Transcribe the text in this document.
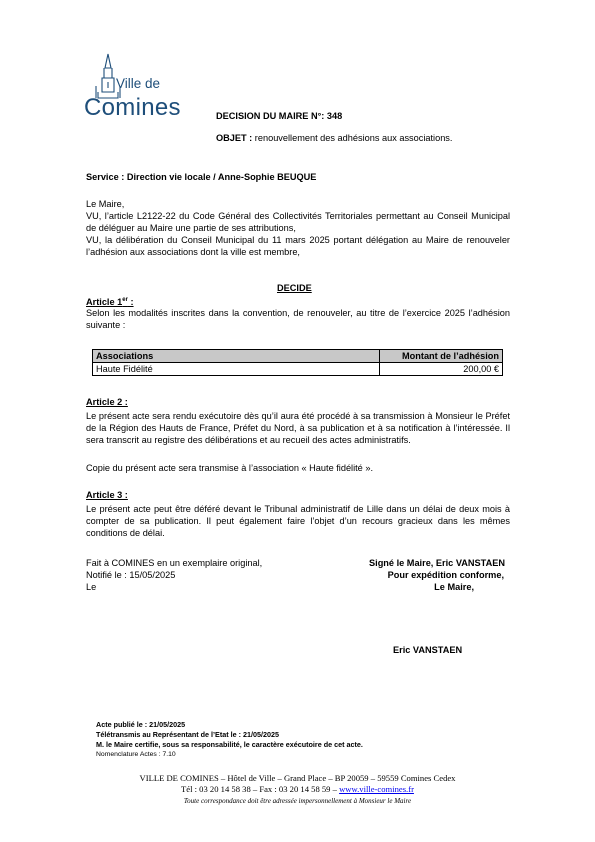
Ville de
Comines	DECISION DU MAIRE N°: 348
OBJET : renouvellement des adhésions aux associations.
Service : Direction vie locale / Anne-Sophie BEUQUE
Le Maire,
VU, l’article L2122-22 du Code Général des Collectivités Territoriales permettant au Conseil Municipal de déléguer au Maire une partie de ses attributions,
VU, la délibération du Conseil Municipal du 11 mars 2025 portant délégation au Maire de renouveler l’adhésion aux associations dont la ville est membre,
DECIDE
Article 1er :
Selon les modalités inscrites dans la convention, de renouveler, au titre de l’exercice 2025 l’adhésion suivante :
Associations	Montant de l’adhésion
Haute Fidélité	200,00 €
Article 2 :
Le présent acte sera rendu exécutoire dès qu’il aura été procédé à sa transmission à Monsieur le Préfet de la Région des Hauts de France, Préfet du Nord, à sa publication et à sa notification à l’intéressée. Il sera transcrit au registre des délibérations et au recueil des actes administratifs.
Copie du présent acte sera transmise à l’association « Haute fidélité ».
Article 3 :
Le présent acte peut être déféré devant le Tribunal administratif de Lille dans un délai de deux mois à compter de sa publication. Il peut également faire l’objet d’un recours gracieux dans les mêmes conditions de délai.
Fait à COMINES en un exemplaire original,
Notifié le : 15/05/2025
Le
Signé le Maire, Eric VANSTAEN
Pour expédition conforme,
Le Maire,
Eric VANSTAEN
Acte publié le : 21/05/2025
Télétransmis au Représentant de l’Etat le : 21/05/2025
M. le Maire certifie, sous sa responsabilité, le caractère exécutoire de cet acte.
Nomenclature Actes : 7.10
VILLE DE COMINES – Hôtel de Ville – Grand Place – BP 20059 – 59559 Comines Cedex
Tél : 03 20 14 58 38 – Fax : 03 20 14 58 59 – www.ville-comines.fr
Toute correspondance doit être adressée impersonnellement à Monsieur le Maire
